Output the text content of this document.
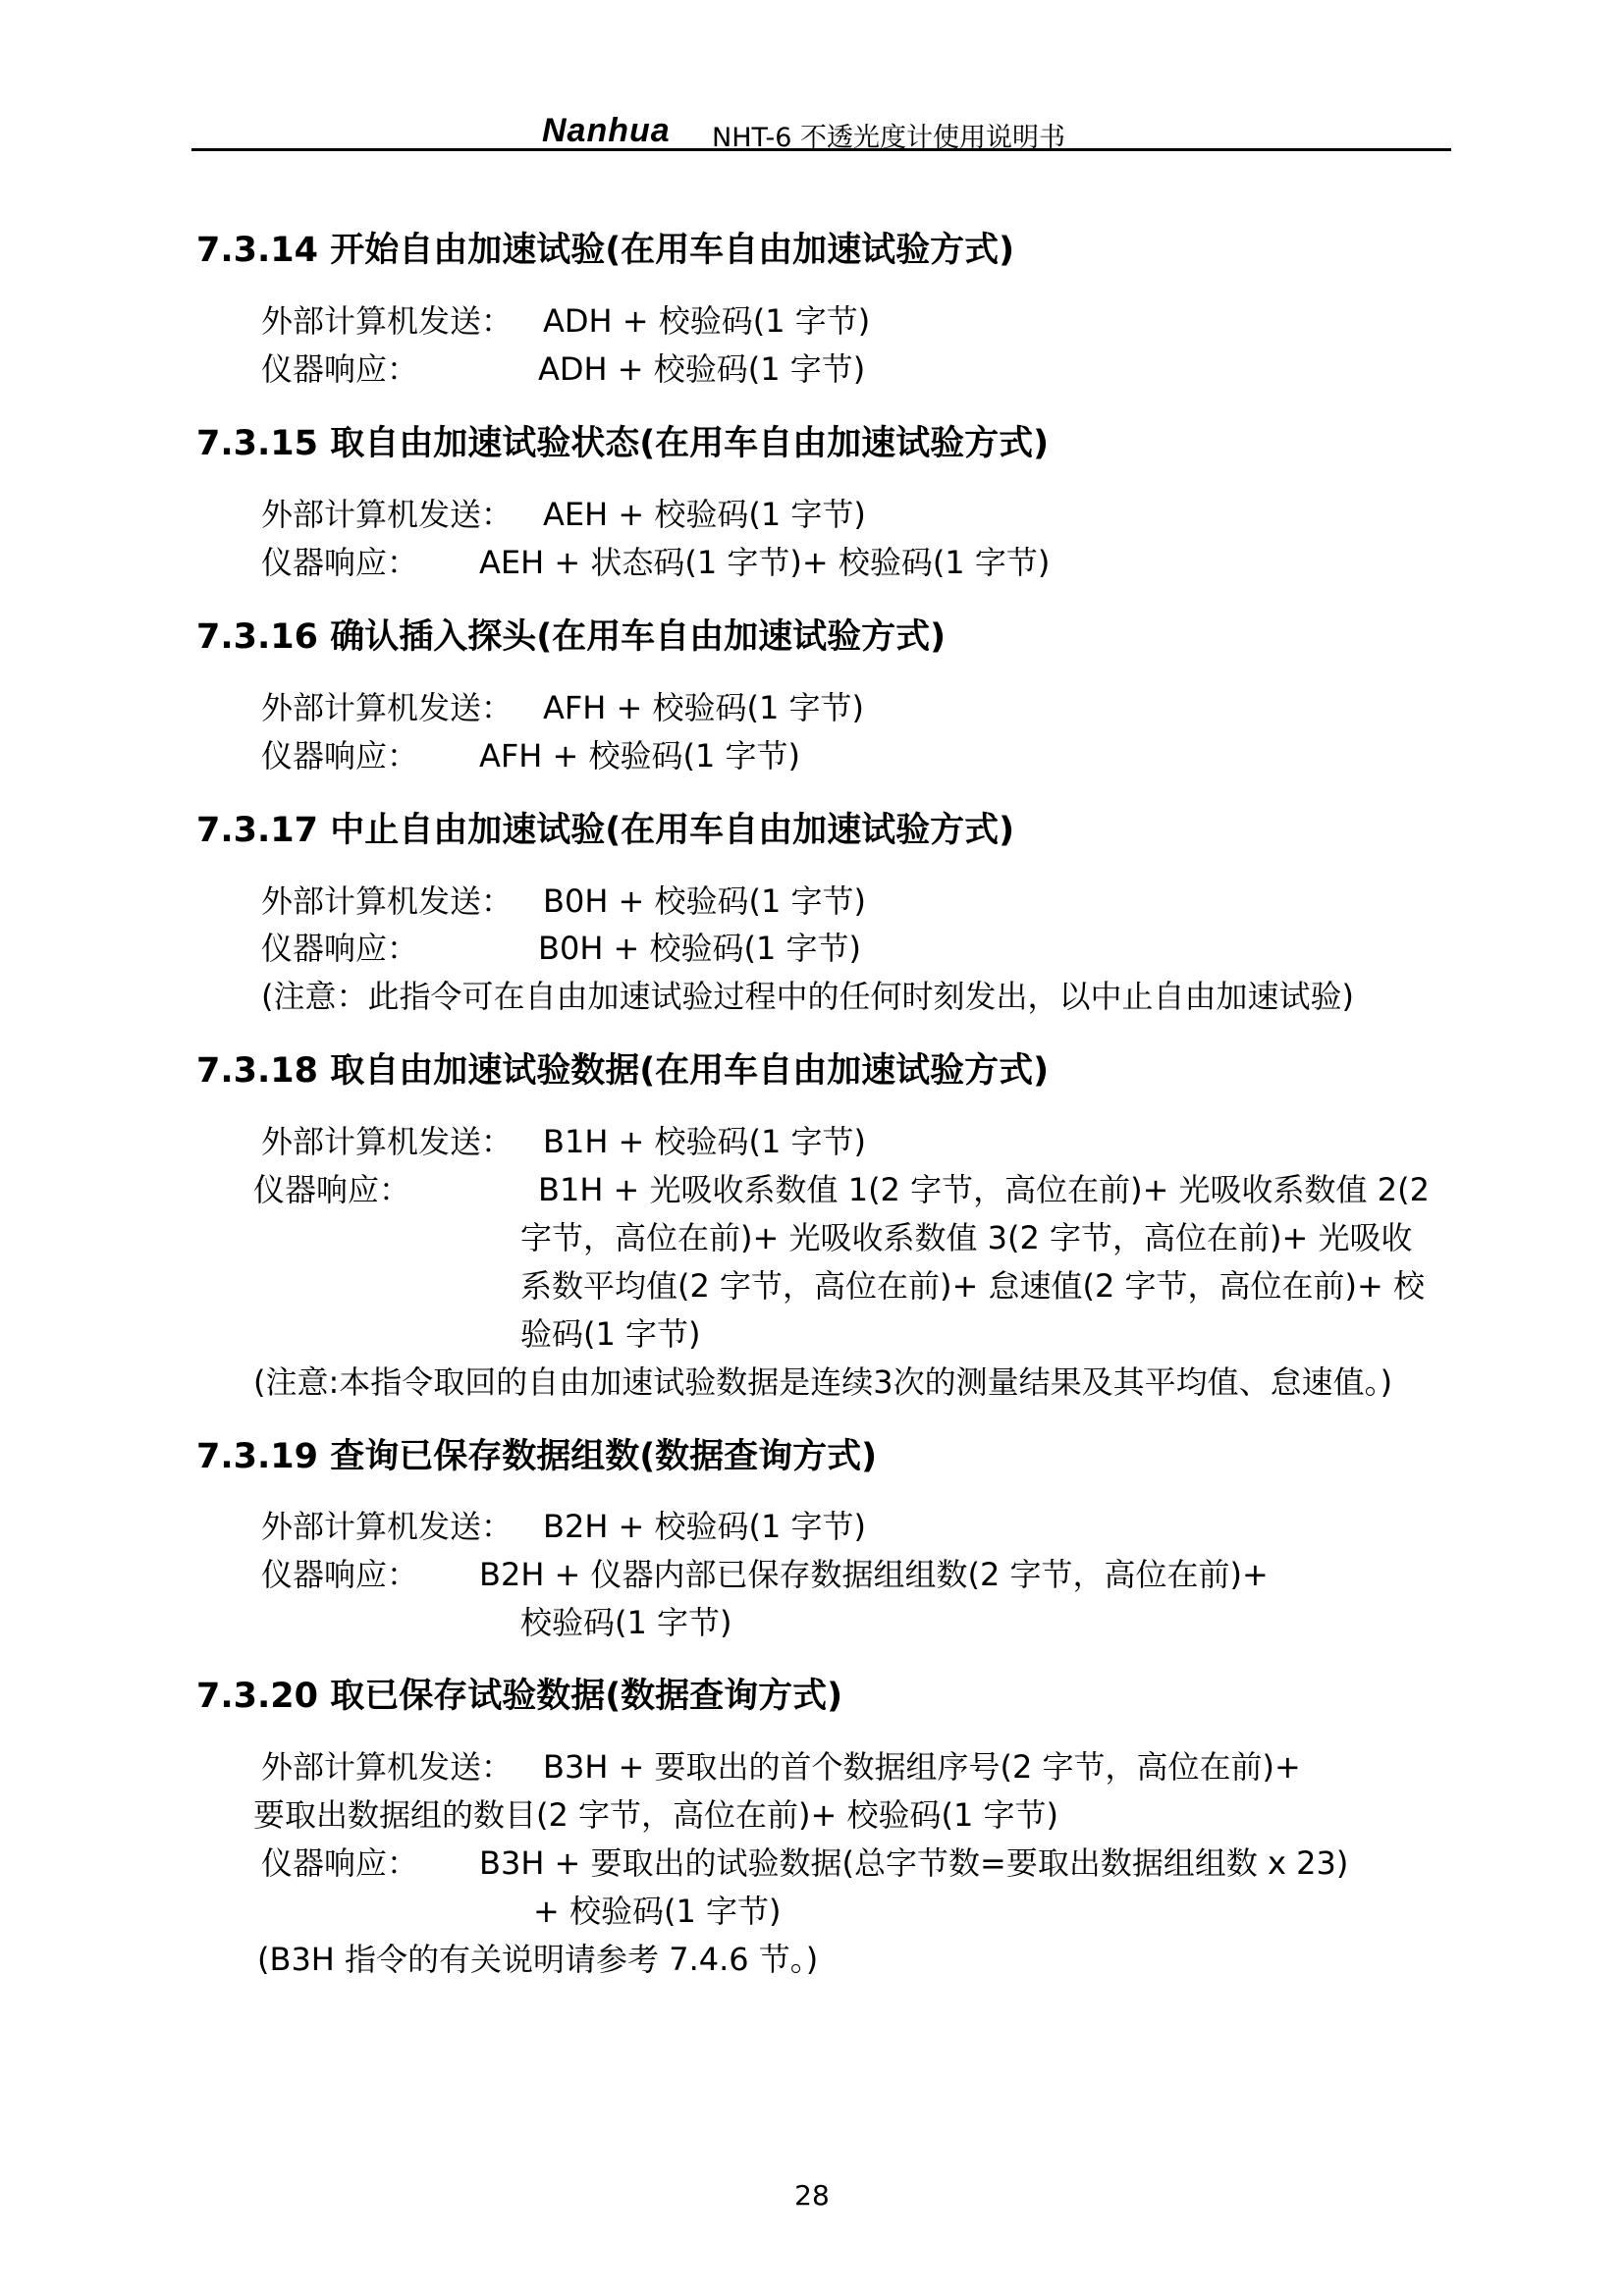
Nanhua NHT-6 不透光度计使用说明书
7.3.14 开始自由加速试验(在用车自由加速试验方式)
外部计算机发送： ADH + 校验码(1 字节)
仪器响应：	ADH + 校验码(1 字节)
7.3.15 取自由加速试验状态(在用车自由加速试验方式)
外部计算机发送： AEH + 校验码(1 字节)
仪器响应： AEH + 状态码(1 字节)+ 校验码(1 字节)
7.3.16 确认插入探头(在用车自由加速试验方式)
外部计算机发送： AFH + 校验码(1 字节)
仪器响应： AFH + 校验码(1 字节)
7.3.17 中止自由加速试验(在用车自由加速试验方式)
外部计算机发送： B0H + 校验码(1 字节)
仪器响应：	B0H + 校验码(1 字节)
(注意：此指令可在自由加速试验过程中的任何时刻发出，以中止自由加速试验)
7.3.18 取自由加速试验数据(在用车自由加速试验方式)
外部计算机发送： B1H + 校验码(1 字节)
仪器响应：	B1H + 光吸收系数值 1(2 字节，高位在前)+ 光吸收系数值 2(2
字节，高位在前)+ 光吸收系数值 3(2 字节，高位在前)+ 光吸收
系数平均值(2 字节，高位在前)+ 怠速值(2 字节，高位在前)+ 校
验码(1 字节)
(注意:本指令取回的自由加速试验数据是连续3次的测量结果及其平均值、怠速值。)
7.3.19 查询已保存数据组数(数据查询方式)
外部计算机发送： B2H + 校验码(1 字节)
仪器响应： B2H + 仪器内部已保存数据组组数(2 字节，高位在前)+
校验码(1 字节)
7.3.20 取已保存试验数据(数据查询方式)
外部计算机发送： B3H + 要取出的首个数据组序号(2 字节，高位在前)+
要取出数据组的数目(2 字节，高位在前)+ 校验码(1 字节)
仪器响应： B3H + 要取出的试验数据(总字节数=要取出数据组组数 x 23)
+ 校验码(1 字节)
(B3H 指令的有关说明请参考 7.4.6 节。)
28
